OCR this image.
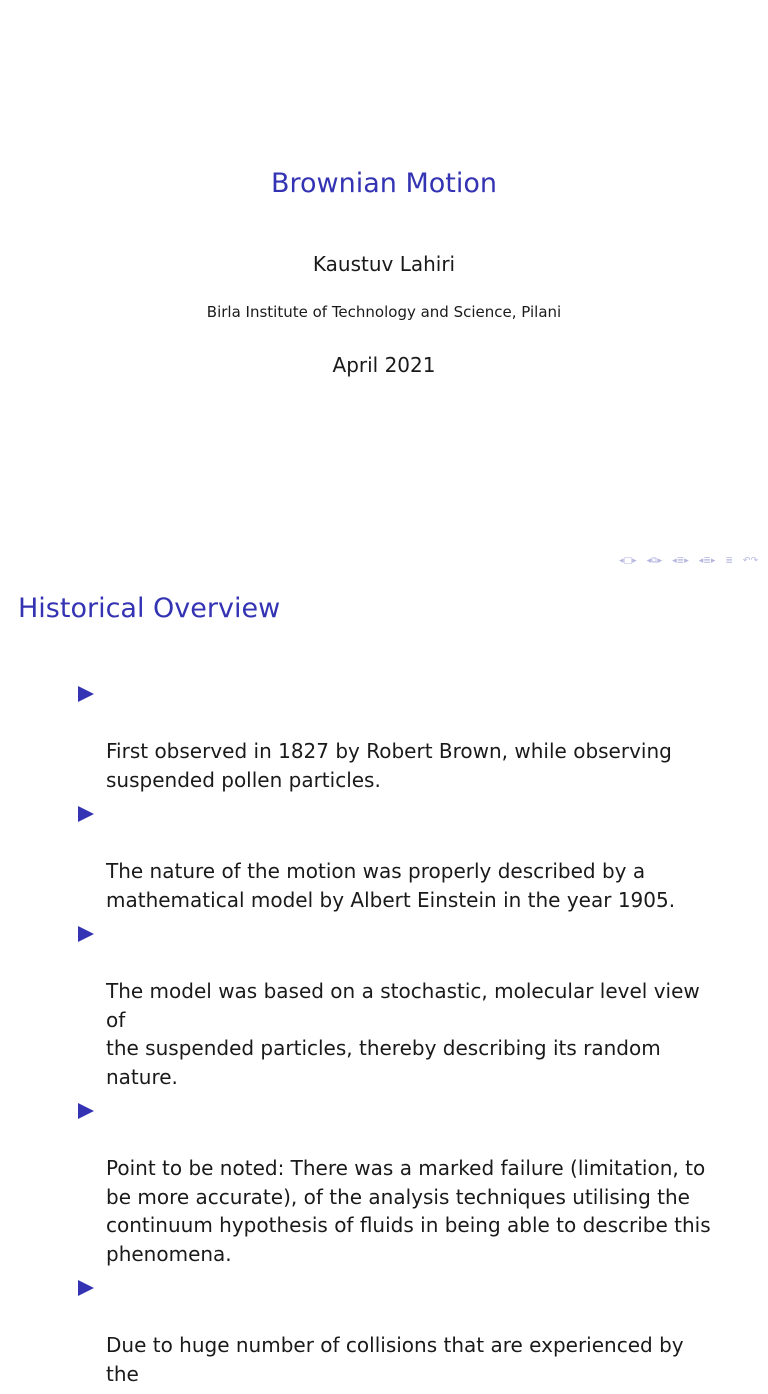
Brownian Motion
Kaustuv Lahiri
Birla Institute of Technology and Science, Pilani
April 2021
◂ □ ▸ ◂ ⧉ ▸ ◂ ≣ ▸ ◂ ≣ ▸ ≣ ↶↷
Historical Overview

First observed in 1827 by Robert Brown, while observing
suspended pollen particles.

The nature of the motion was properly described by a
mathematical model by Albert Einstein in the year 1905.

The model was based on a stochastic, molecular level view of
the suspended particles, thereby describing its random nature.

Point to be noted: There was a marked failure (limitation, to
be more accurate), of the analysis techniques utilising the
continuum hypothesis of fluids in being able to describe this
phenomena.

Due to huge number of collisions that are experienced by the
